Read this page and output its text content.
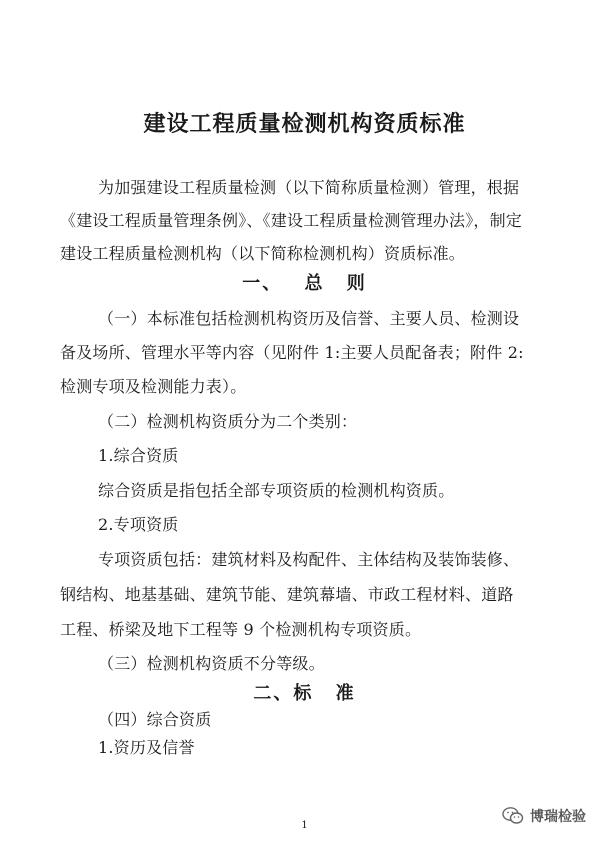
建设工程质量检测机构资质标准
为加强建设工程质量检测（以下简称质量检测）管理，根据
《建设工程质量管理条例》、《建设工程质量检测管理办法》，制定
建设工程质量检测机构（以下简称检测机构）资质标准。
一、 总 则
（一）本标准包括检测机构资历及信誉、主要人员、检测设
备及场所、管理水平等内容（见附件 1:主要人员配备表；附件 2:
检测专项及检测能力表）。
（二）检测机构资质分为二个类别：
1.综合资质
综合资质是指包括全部专项资质的检测机构资质。
2.专项资质
专项资质包括：建筑材料及构配件、主体结构及装饰装修、
钢结构、地基基础、建筑节能、建筑幕墙、市政工程材料、道路
工程、桥梁及地下工程等 9 个检测机构专项资质。
（三）检测机构资质不分等级。
二、标 准
（四）综合资质
1.资历及信誉
1
博瑞检验
